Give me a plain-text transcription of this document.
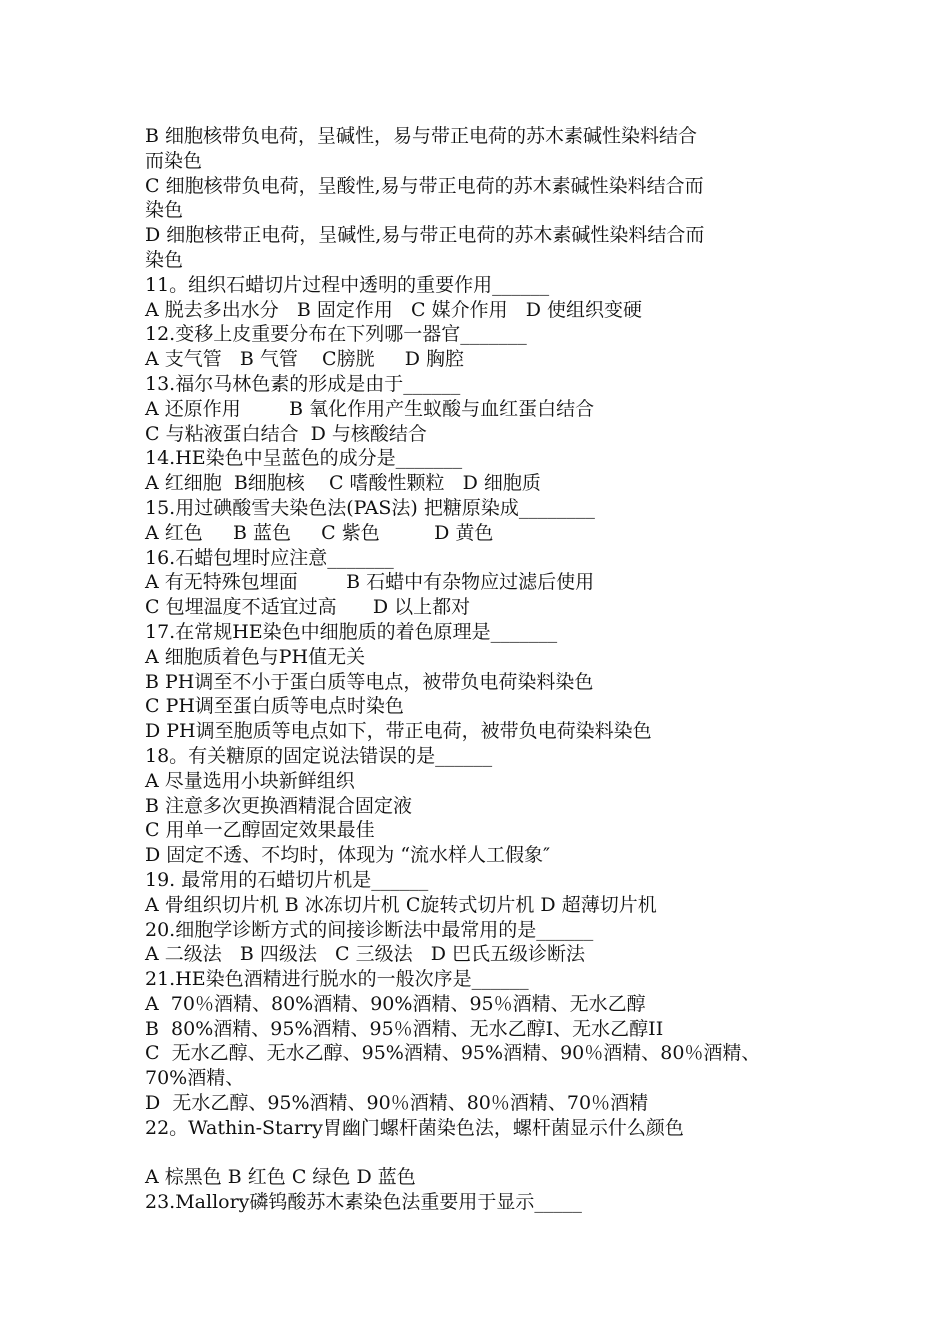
B 细胞核带负电荷，呈碱性，易与带正电荷的苏木素碱性染料结合
而染色
C 细胞核带负电荷，呈酸性,易与带正电荷的苏木素碱性染料结合而
染色
D 细胞核带正电荷，呈碱性,易与带正电荷的苏木素碱性染料结合而
染色
11。组织石蜡切片过程中透明的重要作用______
A 脱去多出水分   B 固定作用   C 媒介作用   D 使组织变硬
12.变移上皮重要分布在下列哪一器官_______
A 支气管   B 气管    C膀胱     D 胸腔
13.福尔马林色素的形成是由于______
A 还原作用        B 氧化作用产生蚁酸与血红蛋白结合
C 与粘液蛋白结合  D 与核酸结合
14.HE染色中呈蓝色的成分是_______
A 红细胞  B细胞核    C 嗜酸性颗粒   D 细胞质
15.用过碘酸雪夫染色法(PAS法) 把糖原染成________
A 红色     B 蓝色     C 紫色         D 黄色
16.石蜡包埋时应注意_______
A 有无特殊包埋面        B 石蜡中有杂物应过滤后使用
C 包埋温度不适宜过高      D 以上都对
17.在常规HE染色中细胞质的着色原理是_______
A 细胞质着色与PH值无关
B PH调至不小于蛋白质等电点，被带负电荷染料染色
C PH调至蛋白质等电点时染色
D PH调至胞质等电点如下，带正电荷，被带负电荷染料染色
18。有关糖原的固定说法错误的是______
A 尽量选用小块新鲜组织
B 注意多次更换酒精混合固定液
C 用单一乙醇固定效果最佳
D 固定不透、不均时，体现为 “流水样人工假象″
19. 最常用的石蜡切片机是______
A 骨组织切片机 B 冰冻切片机 C旋转式切片机 D 超薄切片机
20.细胞学诊断方式的间接诊断法中最常用的是______
A 二级法   B 四级法   C 三级法   D 巴氏五级诊断法
21.HE染色酒精进行脱水的一般次序是______
A  70％酒精、80%酒精、90%酒精、95％酒精、无水乙醇
B  80%酒精、95%酒精、95％酒精、无水乙醇I、无水乙醇II
C  无水乙醇、无水乙醇、95%酒精、95%酒精、90％酒精、80％酒精、
70%酒精、
D  无水乙醇、95%酒精、90％酒精、80％酒精、70％酒精
22。Wathin-Starry胃幽门螺杆菌染色法，螺杆菌显示什么颜色
A 棕黑色 B 红色 C 绿色 D 蓝色
23.Mallory磷钨酸苏木素染色法重要用于显示_____
